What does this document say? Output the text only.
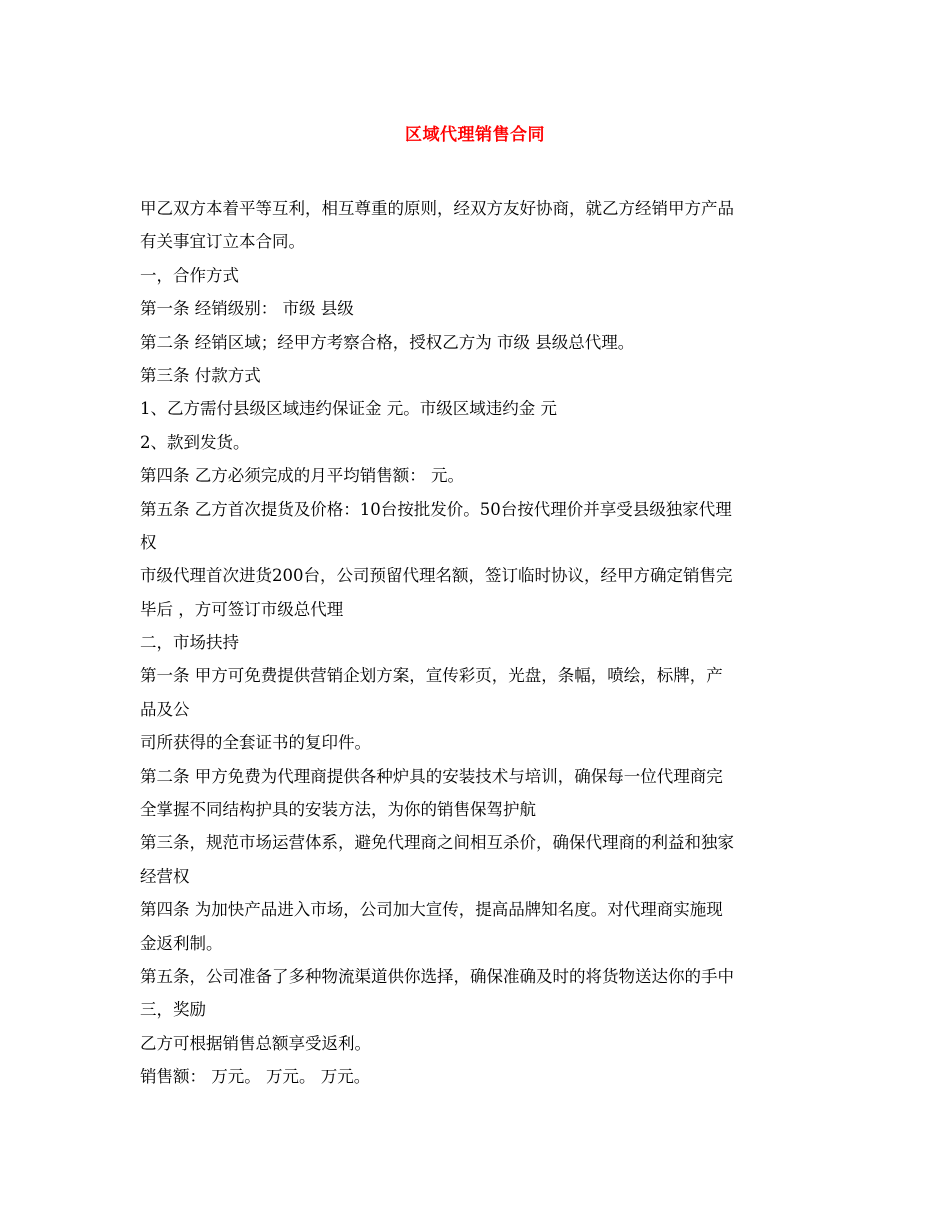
区域代理销售合同
甲乙双方本着平等互利，相互尊重的原则，经双方友好协商，就乙方经销甲方产品
有关事宜订立本合同。
一，合作方式
第一条 经销级别： 市级 县级
第二条 经销区域；经甲方考察合格，授权乙方为 市级 县级总代理。
第三条 付款方式
1、乙方需付县级区域违约保证金 元。市级区域违约金 元
2、款到发货。
第四条 乙方必须完成的月平均销售额： 元。
第五条 乙方首次提货及价格：10台按批发价。50台按代理价并享受县级独家代理
权
市级代理首次进货200台，公司预留代理名额，签订临时协议，经甲方确定销售完
毕后 ，方可签订市级总代理
二，市场扶持
第一条 甲方可免费提供营销企划方案，宣传彩页，光盘，条幅，喷绘，标牌，产
品及公
司所获得的全套证书的复印件。
第二条 甲方免费为代理商提供各种炉具的安装技术与培训，确保每一位代理商完
全掌握不同结构护具的安装方法，为你的销售保驾护航
第三条，规范市场运营体系，避免代理商之间相互杀价，确保代理商的利益和独家
经营权
第四条 为加快产品进入市场，公司加大宣传，提高品牌知名度。对代理商实施现
金返利制。
第五条，公司准备了多种物流渠道供你选择，确保准确及时的将货物送达你的手中
三，奖励
乙方可根据销售总额享受返利。
销售额： 万元。 万元。 万元。
